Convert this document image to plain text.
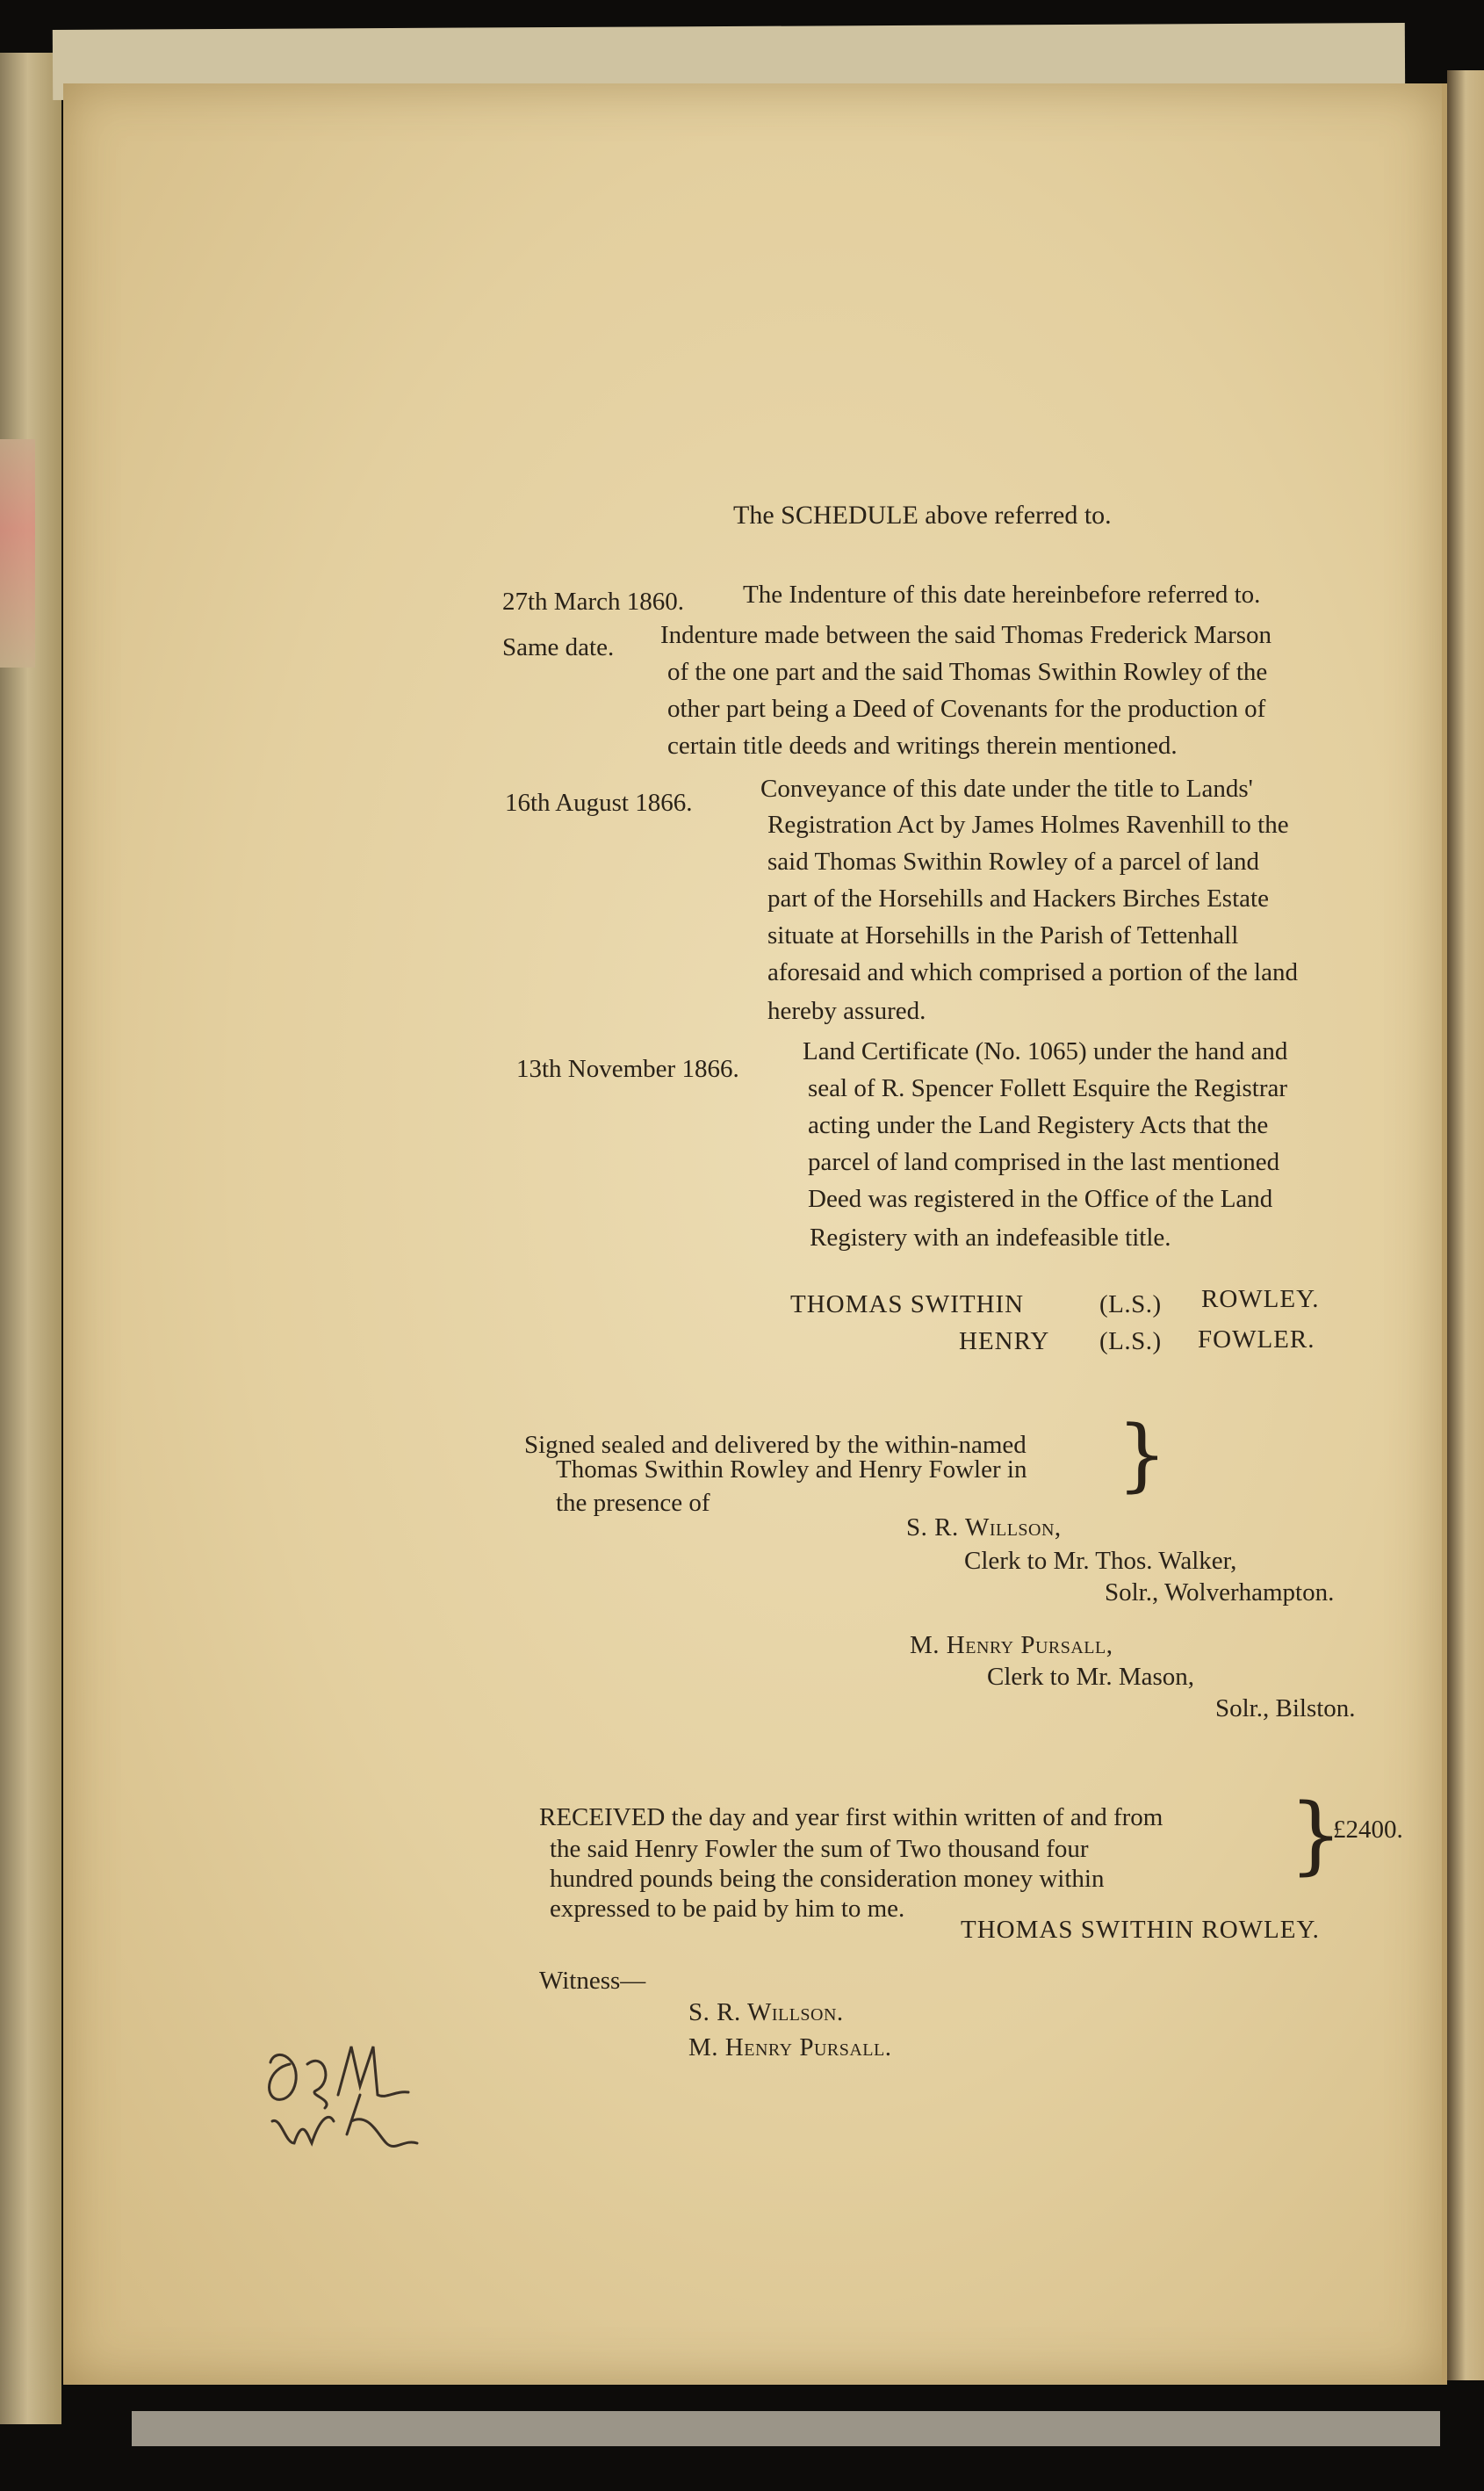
The SCHEDULE above referred to.
27th March 1860. The Indenture of this date hereinbefore referred to.
Same date. Indenture made between the said Thomas Frederick Marson
of the one part and the said Thomas Swithin Rowley of the
other part being a Deed of Covenants for the production of
certain title deeds and writings therein mentioned.
16th August 1866.	Conveyance of this date under the title to Lands'
Registration Act by James Holmes Ravenhill to the
said Thomas Swithin Rowley of a parcel of land
part of the Horsehills and Hackers Birches Estate
situate at Horsehills in the Parish of Tettenhall
aforesaid and which comprised a portion of the land
hereby assured.
13th November 1866.
Land Certificate (No. 1065) under the hand and
seal of R. Spencer Follett Esquire the Registrar
acting under the Land Registery Acts that the
parcel of land comprised in the last mentioned
Deed was registered in the Office of the Land
Registery with an indefeasible title.
THOMAS SWITHIN	(L.S.) ROWLEY.
HENRY (L.S.) FOWLER.
Signed sealed and delivered by the within-named
Thomas Swithin Rowley and Henry Fowler in
the presence of
}
S. R. Willson,
Clerk to Mr. Thos. Walker,
Solr., Wolverhampton.
M. Henry Pursall,
Clerk to Mr. Mason,
Solr., Bilston.
RECEIVED the day and year first within written of and from
the said Henry Fowler the sum of Two thousand four
hundred pounds being the consideration money within
expressed to be paid by him to me.
}
£2400.
THOMAS SWITHIN ROWLEY.
Witness—
S. R. Willson.
M. Henry Pursall.
